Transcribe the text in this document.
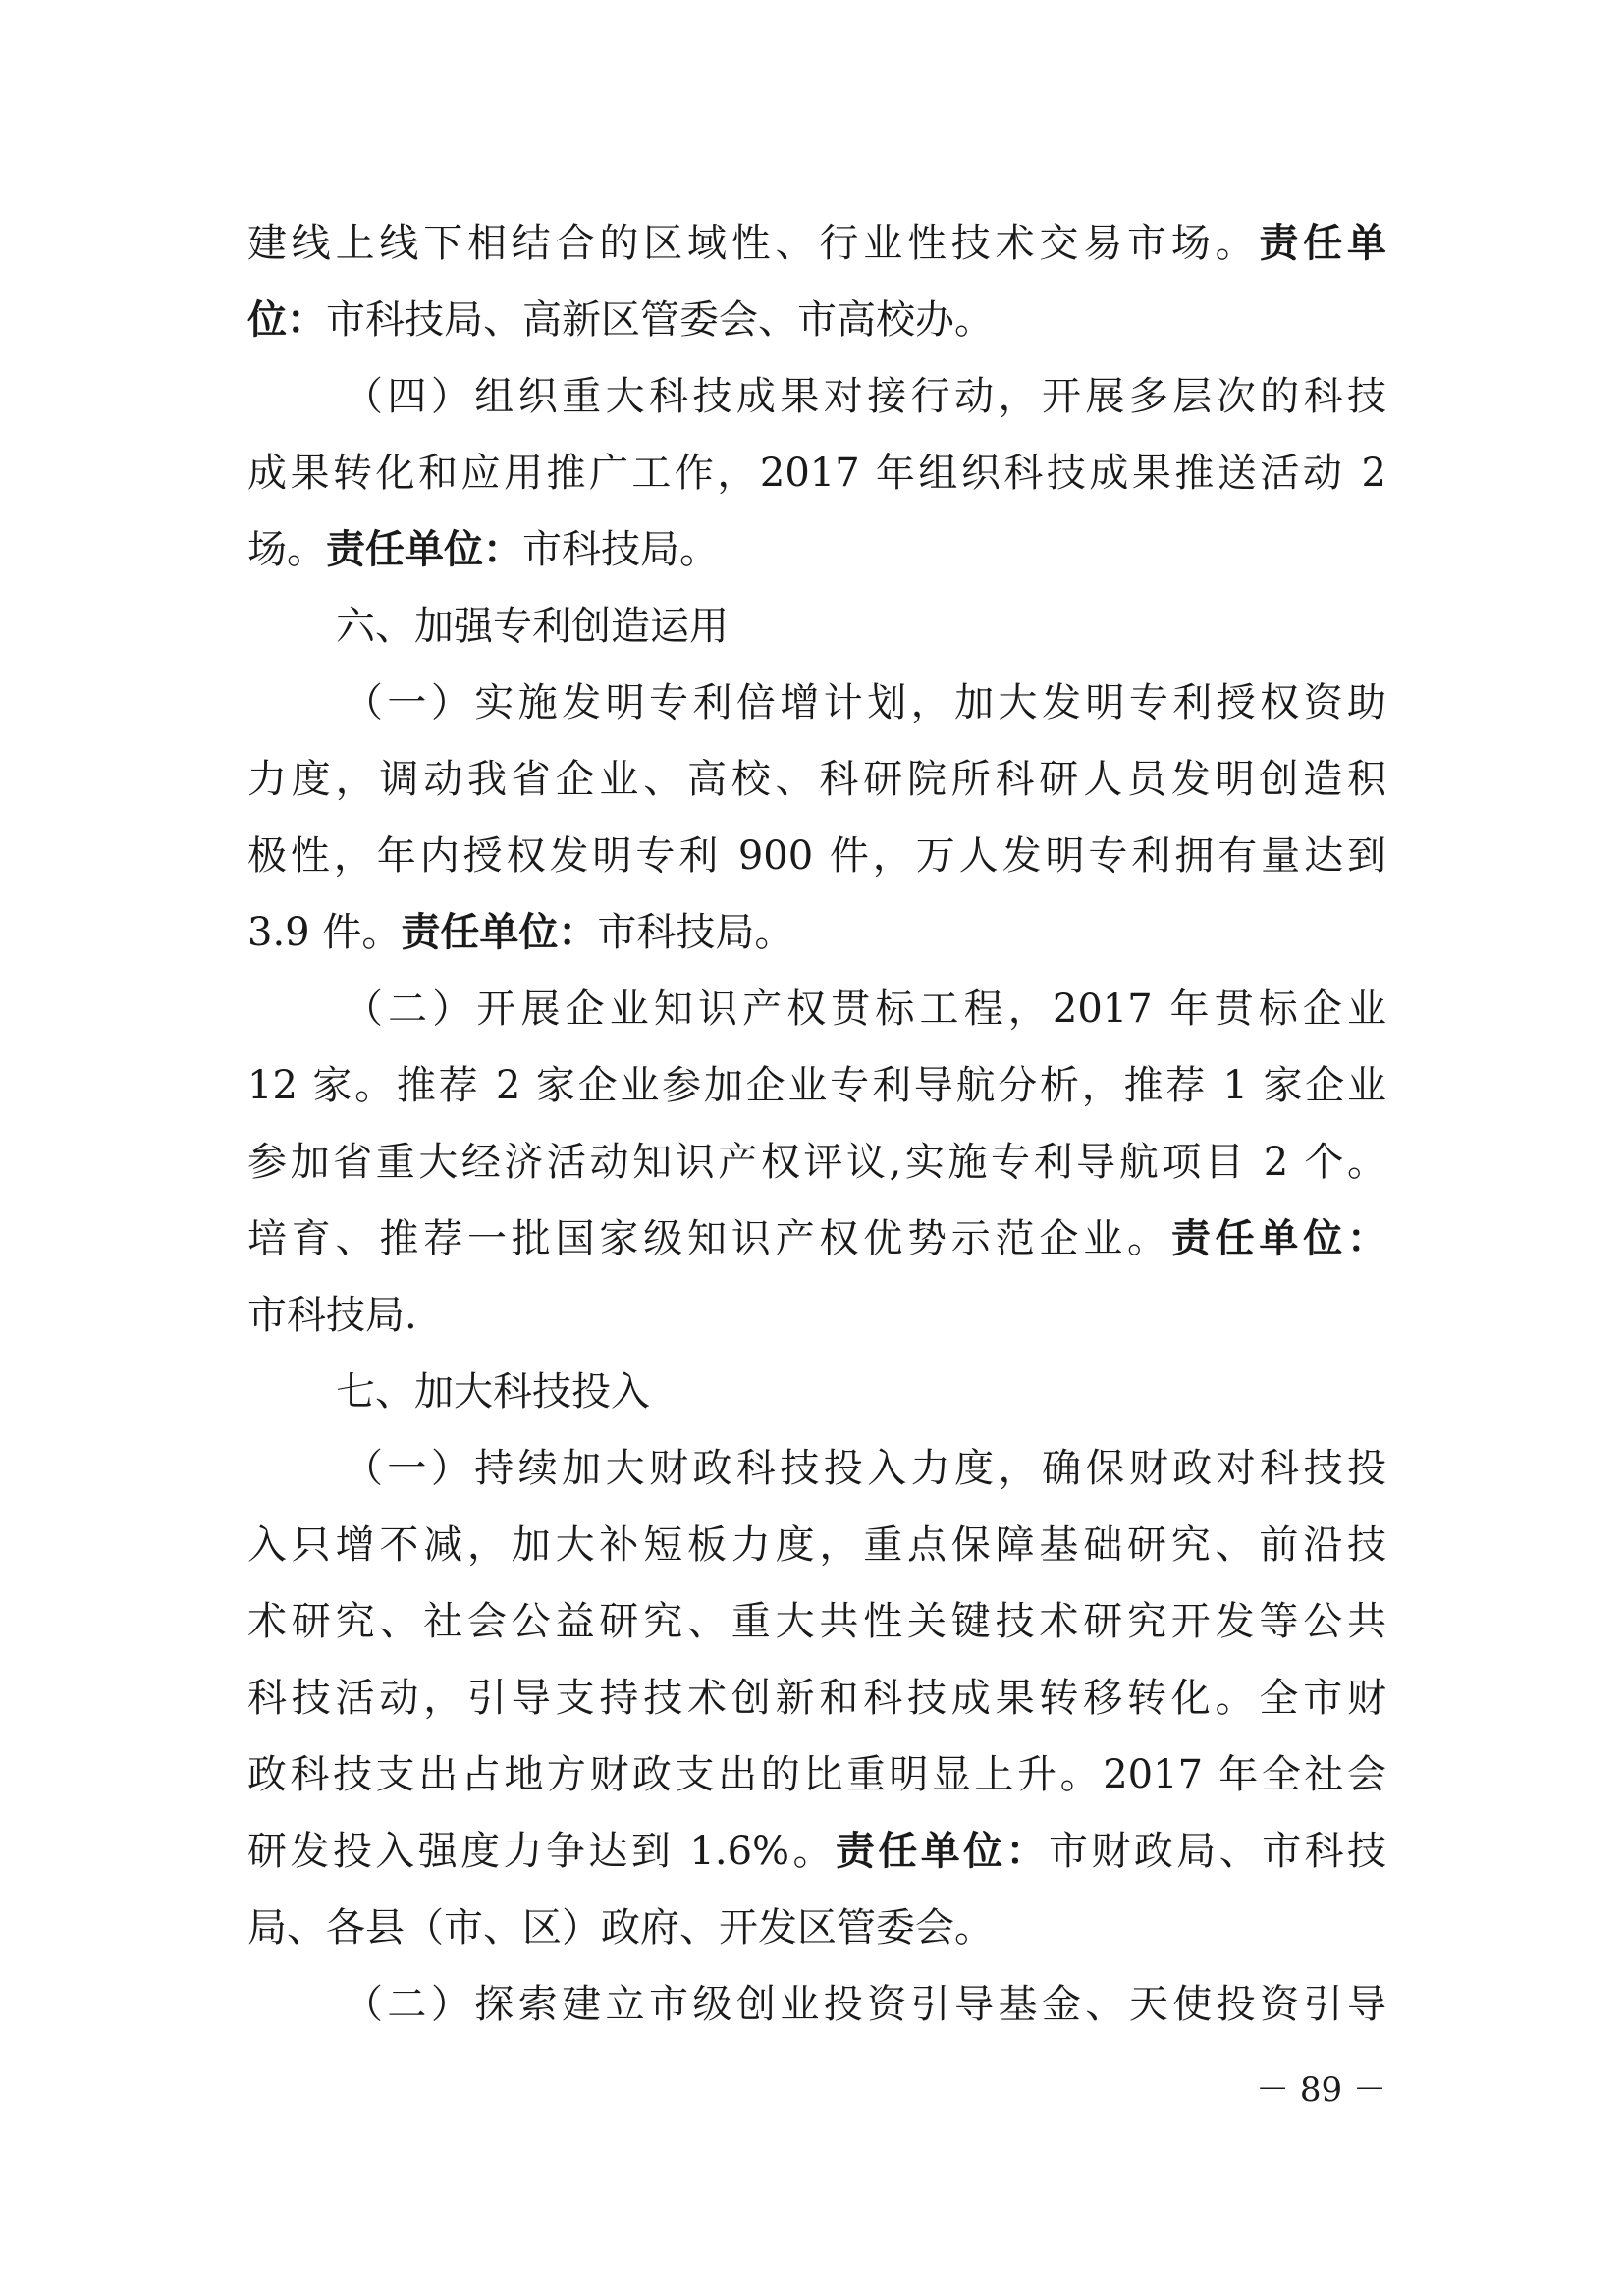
建线上线下相结合的区域性、行业性技术交易市场。责任单
位：市科技局、高新区管委会、市高校办。
（四）组织重大科技成果对接行动，开展多层次的科技
成果转化和应用推广工作，2017 年组织科技成果推送活动 2
场。责任单位：市科技局。
六、加强专利创造运用
（一）实施发明专利倍增计划，加大发明专利授权资助
力度，调动我省企业、高校、科研院所科研人员发明创造积
极性，年内授权发明专利 900 件，万人发明专利拥有量达到
3.9 件。责任单位：市科技局。
（二）开展企业知识产权贯标工程，2017 年贯标企业
12 家。推荐 2 家企业参加企业专利导航分析，推荐 1 家企业
参加省重大经济活动知识产权评议,实施专利导航项目 2 个。
培育、推荐一批国家级知识产权优势示范企业。责任单位：
市科技局.
七、加大科技投入
（一）持续加大财政科技投入力度，确保财政对科技投
入只增不减，加大补短板力度，重点保障基础研究、前沿技
术研究、社会公益研究、重大共性关键技术研究开发等公共
科技活动，引导支持技术创新和科技成果转移转化。全市财
政科技支出占地方财政支出的比重明显上升。2017 年全社会
研发投入强度力争达到 1.6%。责任单位：市财政局、市科技
局、各县（市、区）政府、开发区管委会。
（二）探索建立市级创业投资引导基金、天使投资引导
－ 89 －
